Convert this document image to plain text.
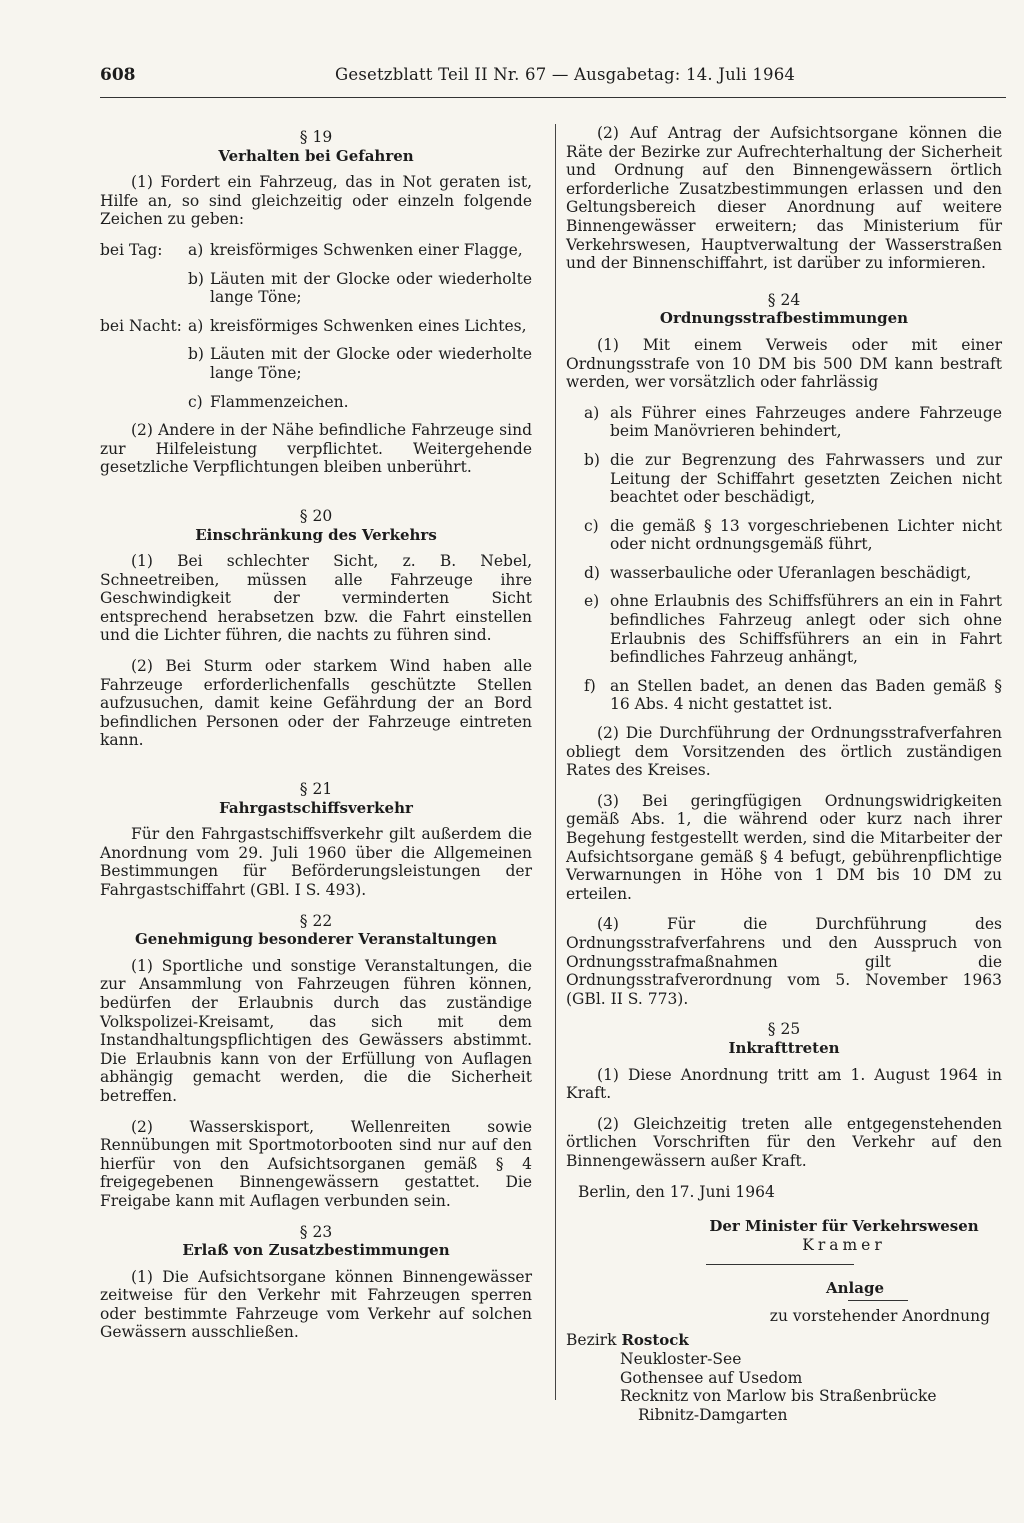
608	Gesetzblatt Teil II Nr. 67 — Ausgabetag: 14. Juli 1964

§ 19

Verhalten bei Gefahren

(1) Fordert ein Fahrzeug, das in Not geraten ist, Hilfe an, so sind gleichzeitig oder einzeln folgende Zeichen zu geben:

bei Tag:	a) kreisförmiges Schwenken einer Flagge,
b) Läuten mit der Glocke oder wiederholte lange Töne;
bei Nacht: a) kreisförmiges Schwenken eines Lichtes,
b) Läuten mit der Glocke oder wiederholte lange Töne;
c) Flammenzeichen.

(2) Andere in der Nähe befindliche Fahrzeuge sind zur Hilfeleistung verpflichtet. Weitergehende gesetzliche Verpflichtungen bleiben unberührt.

§ 20

Einschränkung des Verkehrs

(1) Bei schlechter Sicht, z. B. Nebel, Schneetreiben, müssen alle Fahrzeuge ihre Geschwindigkeit der verminderten Sicht entsprechend herabsetzen bzw. die Fahrt einstellen und die Lichter führen, die nachts zu führen sind.

(2) Bei Sturm oder starkem Wind haben alle Fahrzeuge erforderlichenfalls geschützte Stellen aufzusuchen, damit keine Gefährdung der an Bord befindlichen Personen oder der Fahrzeuge eintreten kann.

§ 21

Fahrgastschiffsverkehr

Für den Fahrgastschiffsverkehr gilt außerdem die Anordnung vom 29. Juli 1960 über die Allgemeinen Bestimmungen für Beförderungsleistungen der Fahrgastschiffahrt (GBl. I S. 493).

§ 22

Genehmigung besonderer Veranstaltungen

(1) Sportliche und sonstige Veranstaltungen, die zur Ansammlung von Fahrzeugen führen können, bedürfen der Erlaubnis durch das zuständige Volkspolizei-Kreisamt, das sich mit dem Instandhaltungspflichtigen des Gewässers abstimmt. Die Erlaubnis kann von der Erfüllung von Auflagen abhängig gemacht werden, die die Sicherheit betreffen.

(2) Wasserskisport, Wellenreiten sowie Rennübungen mit Sportmotorbooten sind nur auf den hierfür von den Aufsichtsorganen gemäß § 4 freigegebenen Binnengewässern gestattet. Die Freigabe kann mit Auflagen verbunden sein.

§ 23

Erlaß von Zusatzbestimmungen

(1) Die Aufsichtsorgane können Binnengewässer zeitweise für den Verkehr mit Fahrzeugen sperren oder bestimmte Fahrzeuge vom Verkehr auf solchen Gewässern ausschließen.

(2) Auf Antrag der Aufsichtsorgane können die Räte der Bezirke zur Aufrechterhaltung der Sicherheit und Ordnung auf den Binnengewässern örtlich erforderliche Zusatzbestimmungen erlassen und den Geltungsbereich dieser Anordnung auf weitere Binnengewässer erweitern; das Ministerium für Verkehrswesen, Hauptverwaltung der Wasserstraßen und der Binnenschiffahrt, ist darüber zu informieren.

§ 24

Ordnungsstrafbestimmungen

(1) Mit einem Verweis oder mit einer Ordnungsstrafe von 10 DM bis 500 DM kann bestraft werden, wer vorsätzlich oder fahrlässig

a) als Führer eines Fahrzeuges andere Fahrzeuge beim Manövrieren behindert,
b) die zur Begrenzung des Fahrwassers und zur Leitung der Schiffahrt gesetzten Zeichen nicht beachtet oder beschädigt,
c) die gemäß § 13 vorgeschriebenen Lichter nicht oder nicht ordnungsgemäß führt,
d) wasserbauliche oder Uferanlagen beschädigt,
e) ohne Erlaubnis des Schiffsführers an ein in Fahrt befindliches Fahrzeug anlegt oder sich ohne Erlaubnis des Schiffsführers an ein in Fahrt befindliches Fahrzeug anhängt,
f) an Stellen badet, an denen das Baden gemäß § 16 Abs. 4 nicht gestattet ist.

(2) Die Durchführung der Ordnungsstrafverfahren obliegt dem Vorsitzenden des örtlich zuständigen Rates des Kreises.

(3) Bei geringfügigen Ordnungswidrigkeiten gemäß Abs. 1, die während oder kurz nach ihrer Begehung festgestellt werden, sind die Mitarbeiter der Aufsichtsorgane gemäß § 4 befugt, gebührenpflichtige Verwarnungen in Höhe von 1 DM bis 10 DM zu erteilen.

(4) Für die Durchführung des Ordnungsstrafverfahrens und den Ausspruch von Ordnungsstrafmaßnahmen gilt die Ordnungsstrafverordnung vom 5. November 1963 (GBl. II S. 773).

§ 25

Inkrafttreten

(1) Diese Anordnung tritt am 1. August 1964 in Kraft.

(2) Gleichzeitig treten alle entgegenstehenden örtlichen Vorschriften für den Verkehr auf den Binnengewässern außer Kraft.

Berlin, den 17. Juni 1964

Der Minister für Verkehrswesen

Kramer

Anlage

zu vorstehender Anordnung

Bezirk Rostock

Neukloster-See

Gothensee auf Usedom

Recknitz von Marlow bis Straßenbrücke

Ribnitz-Damgarten
